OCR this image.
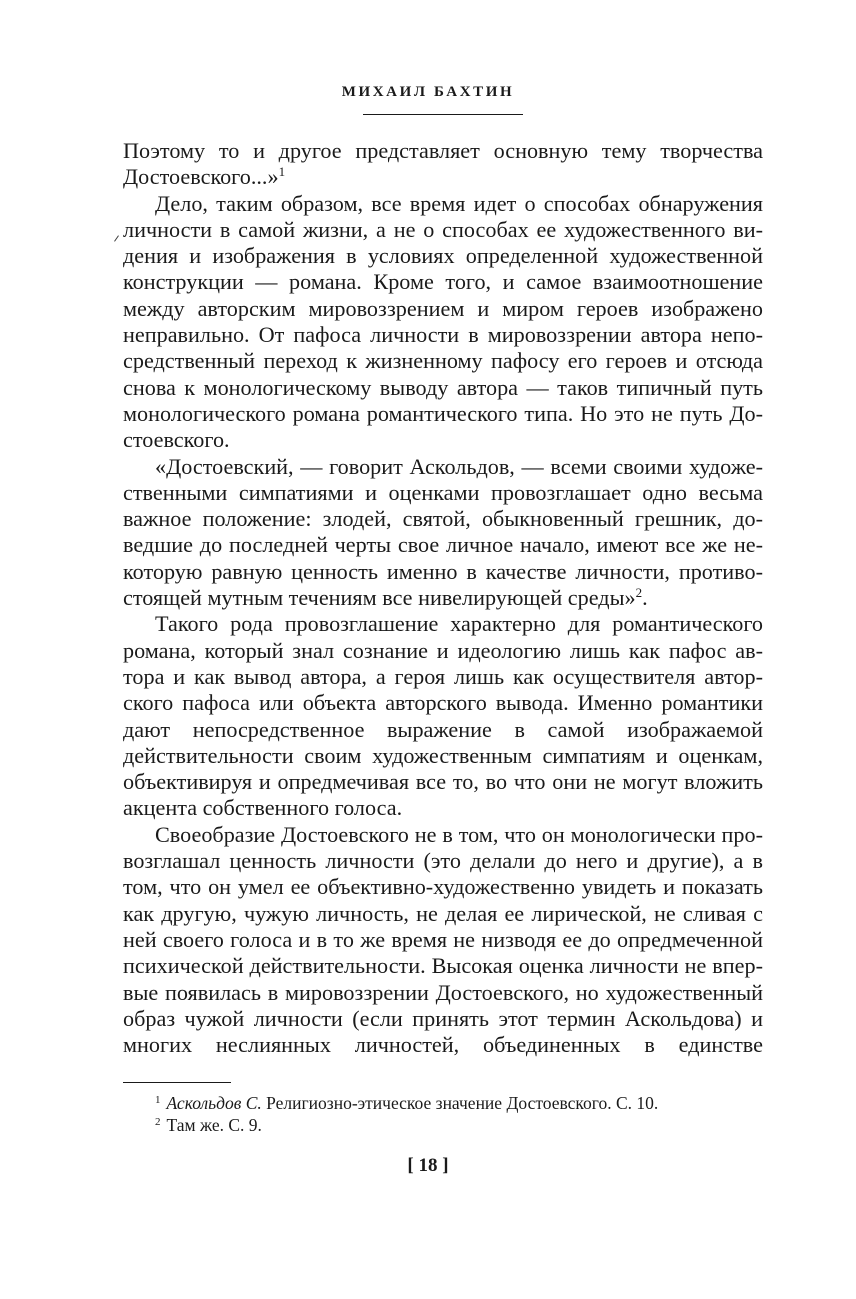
МИХАИЛ БАХТИН

Поэтому то и другое представляет основную тему творчества Достоевского...»$^1$

Дело, таким образом, все время идет о способах обнаружения личности в самой жизни, а не о способах ее художественного видения и изображения в условиях определенной художественной конструкции — романа. Кроме того, и самое взаимоотношение между авторским мировоззрением и миром героев изображено неправильно. От пафоса личности в мировоззрении автора непосредственный переход к жизненному пафосу его героев и отсюда снова к монологическому выводу автора — таков типичный путь монологического романа романтического типа. Но это не путь Достоевского.

«Достоевский, — говорит Аскольдов, — всеми своими художественными симпатиями и оценками провозглашает одно весьма важное положение: злодей, святой, обыкновенный грешник, доведшие до последней черты свое личное начало, имеют все же некоторую равную ценность именно в качестве личности, противостоящей мутным течениям все нивелирующей среды»$^2$.

Такого рода провозглашение характерно для романтического романа, который знал сознание и идеологию лишь как пафос автора и как вывод автора, а героя лишь как осуществителя авторского пафоса или объекта авторского вывода. Именно романтики дают непосредственное выражение в самой изображаемой действительности своим художественным симпатиям и оценкам, объективируя и опредмечивая все то, во что они не могут вложить акцента собственного голоса.

Своеобразие Достоевского не в том, что он монологически провозглашал ценность личности (это делали до него и другие), а в том, что он умел ее объективно-художественно увидеть и показать как другую, чужую личность, не делая ее лирической, не сливая с ней своего голоса и в то же время не низводя ее до опредмеченной психической действительности. Высокая оценка личности не впервые появилась в мировоззрении Достоевского, но художественный образ чужой личности (если принять этот термин Аскольдова) и многих неслиянных личностей, объединенных в единстве

$^1$ Аскольдов С. Религиозно-этическое значение Достоевского. С. 10.
$^2$ Там же. С. 9.
[ 18 ]
